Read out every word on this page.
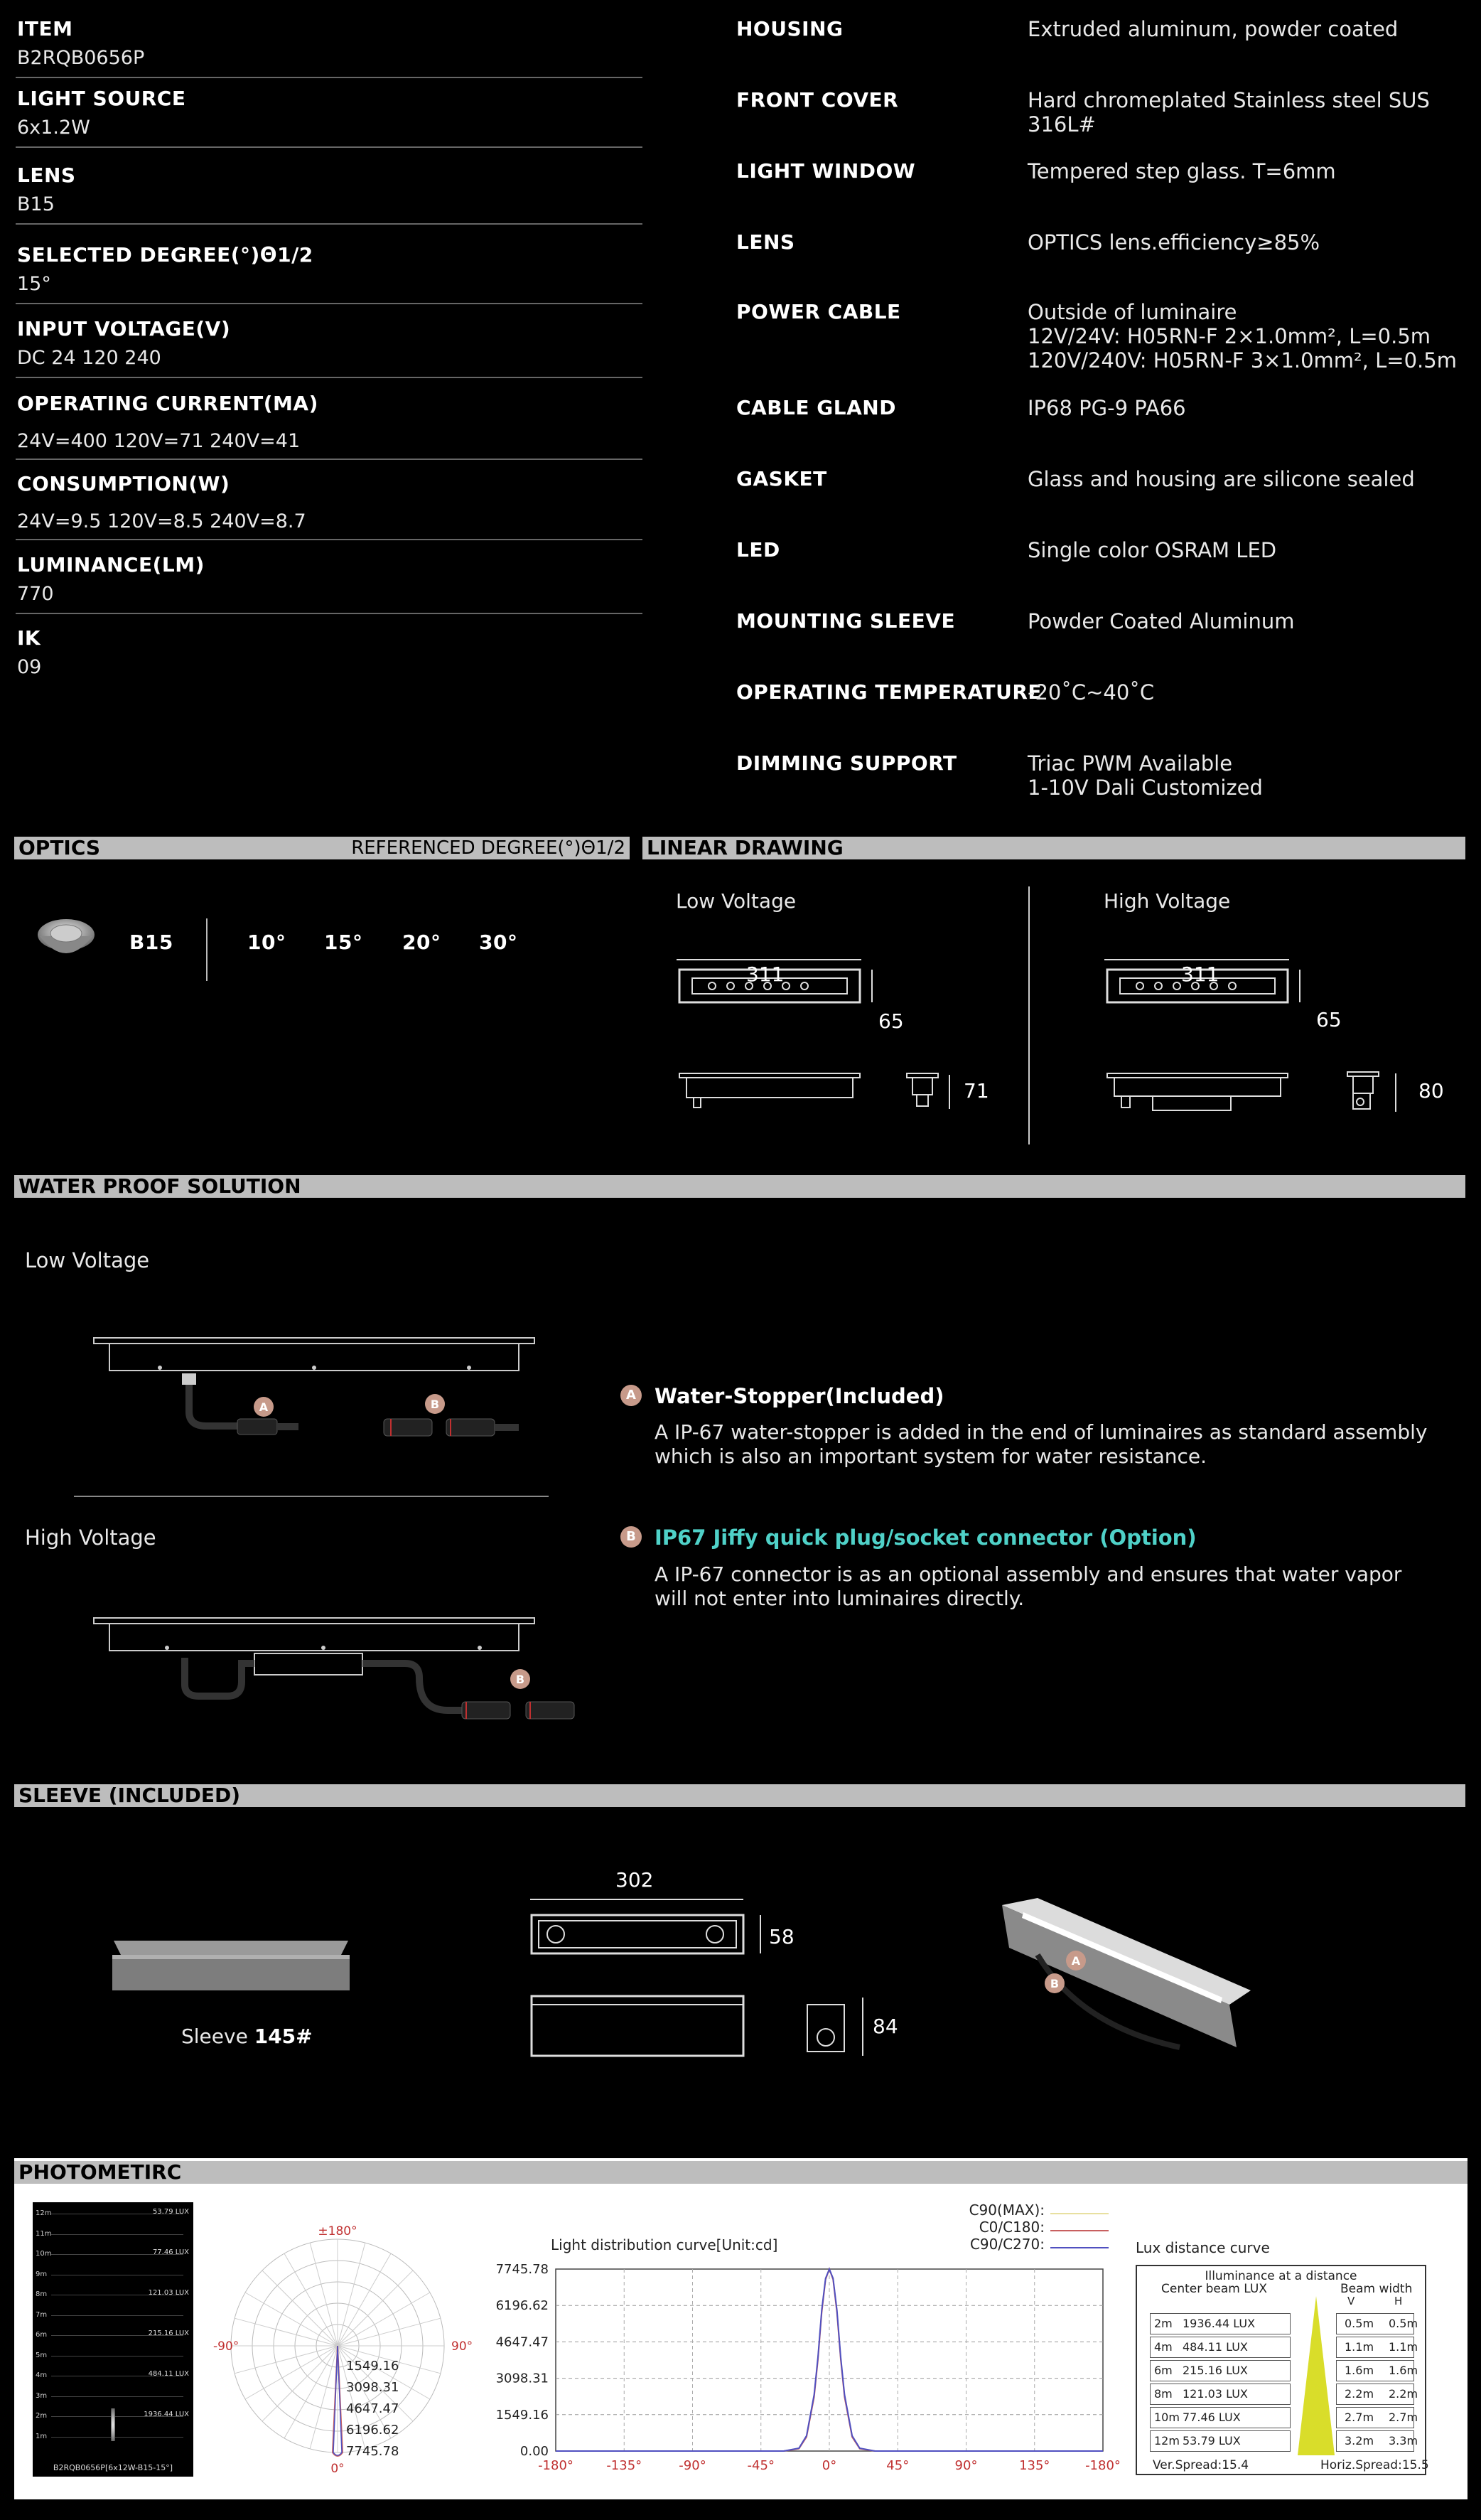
ITEM
B2RQB0656P
LIGHT SOURCE
6x1.2W
LENS
B15
SELECTED DEGREE(°)Θ1/2
15°
INPUT VOLTAGE(V)
DC 24 120 240
OPERATING CURRENT(MA)
24V=400 120V=71 240V=41
CONSUMPTION(W)
24V=9.5 120V=8.5 240V=8.7
LUMINANCE(LM)
770
IK
09
HOUSING	Extruded aluminum, powder coated
FRONT COVER	Hard chromeplated Stainless steel SUS 316L#
LIGHT WINDOW	Tempered step glass. T=6mm
LENS	OPTICS lens.efficiency≥85%
POWER CABLE	Outside of luminaire
12V/24V: H05RN-F 2×1.0mm², L=0.5m
120V/240V: H05RN-F 3×1.0mm², L=0.5m
CABLE GLAND	IP68 PG-9 PA66
GASKET	Glass and housing are silicone sealed
LED	Single color OSRAM LED
MOUNTING SLEEVE	Powder Coated Aluminum
OPERATING TEMPERATURE
-20˚C~40˚C
DIMMING SUPPORT	Triac PWM Available
1-10V Dali Customized
OPTICS	REFERENCED DEGREE(°)Θ1/2 LINEAR DRAWING
B15	10° 15° 20° 30°
Low Voltage	High Voltage
311
65
71
311
65
80
WATER PROOF SOLUTION
Low Voltage
High Voltage
A	B
B
A Water-Stopper(Included)
A IP-67 water-stopper is added in the end of luminaires as standard assembly
which is also an important system for water resistance.
B IP67 Jiffy quick plug/socket connector (Option)
A IP-67 connector is as an optional assembly and ensures that water vapor
will not enter into luminaires directly.
SLEEVE (INCLUDED)
Sleeve 145#
302
58
84
A
B
PHOTOMETIRC
12m
11m
10m
9m
8m
7m
6m
5m
4m
3m
2m
1m
53.79 LUX
77.46 LUX
121.03 LUX
215.16 LUX
484.11 LUX
1936.44 LUX
B2RQB0656P[6x12W-B15-15°]
±180°
-90°	90°
0°
1549.16
3098.31
4647.47
6196.62
7745.78
Light distribution curve[Unit:cd]
C90(MAX):
C0/C180:
C90/C270:
0.00
1549.16
3098.31
4647.47
6196.62
7745.78
-180°	-135°	-90°	-45°	0°	45°	90°	135°	-180°
Lux distance curve
Illuminance at a distance
Center beam LUX	Beam width
V	H
2m 1936.44 LUX	0.5m 0.5m
4m 484.11 LUX	1.1m 1.1m
6m 215.16 LUX	1.6m 1.6m
8m 121.03 LUX	2.2m 2.2m
10m 77.46 LUX	2.7m 2.7m
12m 53.79 LUX	3.2m 3.3m
Ver.Spread:15.4	Horiz.Spread:15.5
